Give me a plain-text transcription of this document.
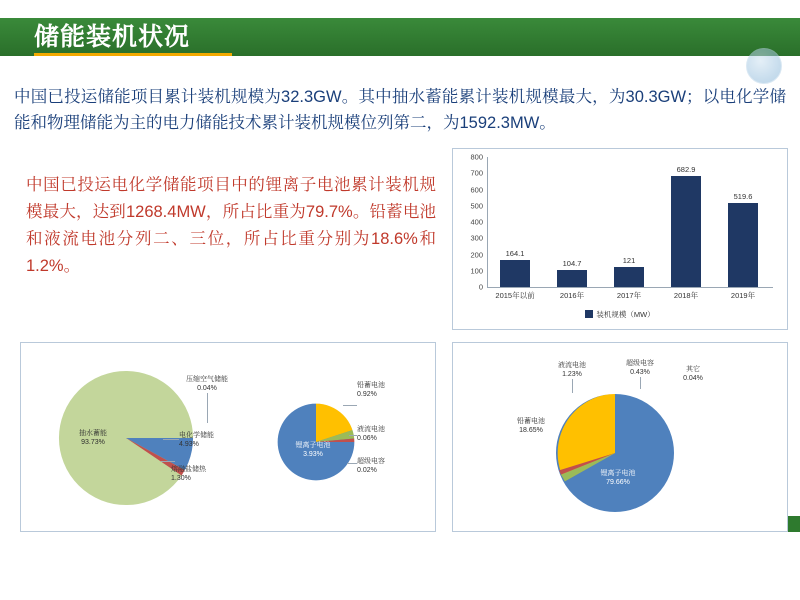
储能装机状况
中国已投运储能项目累计装机规模为32.3GW。其中抽水蓄能累计装机规模最大，为30.3GW；以电化学储能和物理储能为主的电力储能技术累计装机规模位列第二，为1592.3MW。
中国已投运电化学储能项目中的锂离子电池累计装机规模最大，达到1268.4MW，所占比重为79.7%。铅蓄电池和液流电池分列二、三位，所占比重分别为18.6%和1.2%。
0
100
200
300
400
500
600
700
800
164.1
104.7	121
682.9
519.6
2015年以前	2016年	2017年	2018年	2019年
装机规模（MW）
抽水蓄能
93.73%
压缩空气储能
0.04%
电化学储能
4.93%
熔融盐储热
1.30%
锂离子电池
3.93%
铅蓄电池
0.92%
液流电池
0.06%
超级电容
0.02%	锂离子电池
79.66%
铅蓄电池
18.65%
液流电池
1.23%
超级电容
0.43%	其它
0.04%
